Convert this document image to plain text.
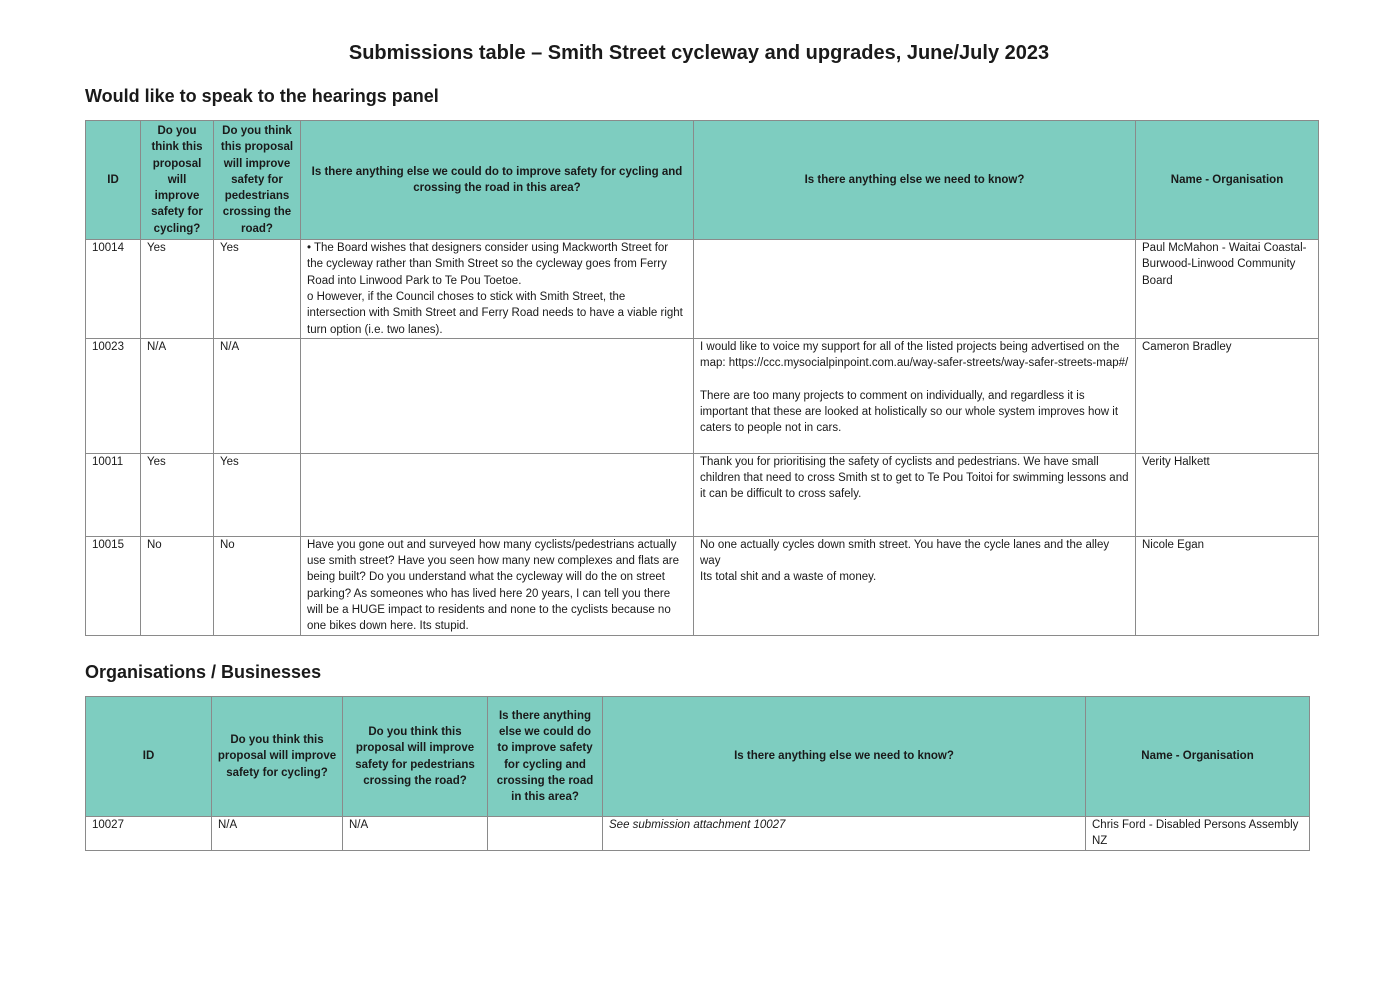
Submissions table – Smith Street cycleway and upgrades, June/July 2023
Would like to speak to the hearings panel
ID	Do you think this proposal will improve safety for cycling?	Do you think this proposal will improve safety for pedestrians crossing the road?	Is there anything else we could do to improve safety for cycling and crossing the road in this area?	Is there anything else we need to know?	Name - Organisation
10014	Yes	Yes	• The Board wishes that designers consider using Mackworth Street for the cycleway rather than Smith Street so the cycleway goes from Ferry Road into Linwood Park to Te Pou Toetoe.
o However, if the Council choses to stick with Smith Street, the intersection with Smith Street and Ferry Road needs to have a viable right turn option (i.e. two lanes).		Paul McMahon - Waitai Coastal-Burwood-Linwood Community Board
10023	N/A	N/A		I would like to voice my support for all of the listed projects being advertised on the map: https://ccc.mysocialpinpoint.com.au/way-safer-streets/way-safer-streets-map#/

There are too many projects to comment on individually, and regardless it is important that these are looked at holistically so our whole system improves how it caters to people not in cars.	Cameron Bradley
10011	Yes	Yes		Thank you for prioritising the safety of cyclists and pedestrians. We have small children that need to cross Smith st to get to Te Pou Toitoi for swimming lessons and it can be difficult to cross safely.	Verity Halkett
10015	No	No	Have you gone out and surveyed how many cyclists/pedestrians actually use smith street? Have you seen how many new complexes and flats are being built? Do you understand what the cycleway will do the on street parking? As someones who has lived here 20 years, I can tell you there will be a HUGE impact to residents and none to the cyclists because no one bikes down here. Its stupid.	No one actually cycles down smith street. You have the cycle lanes and the alley way
Its total shit and a waste of money.	Nicole Egan
Organisations / Businesses
ID	Do you think this proposal will improve safety for cycling?	Do you think this proposal will improve safety for pedestrians crossing the road?	Is there anything else we could do to improve safety for cycling and crossing the road in this area?	Is there anything else we need to know?	Name - Organisation
10027	N/A	N/A		See submission attachment 10027	Chris Ford - Disabled Persons Assembly NZ
